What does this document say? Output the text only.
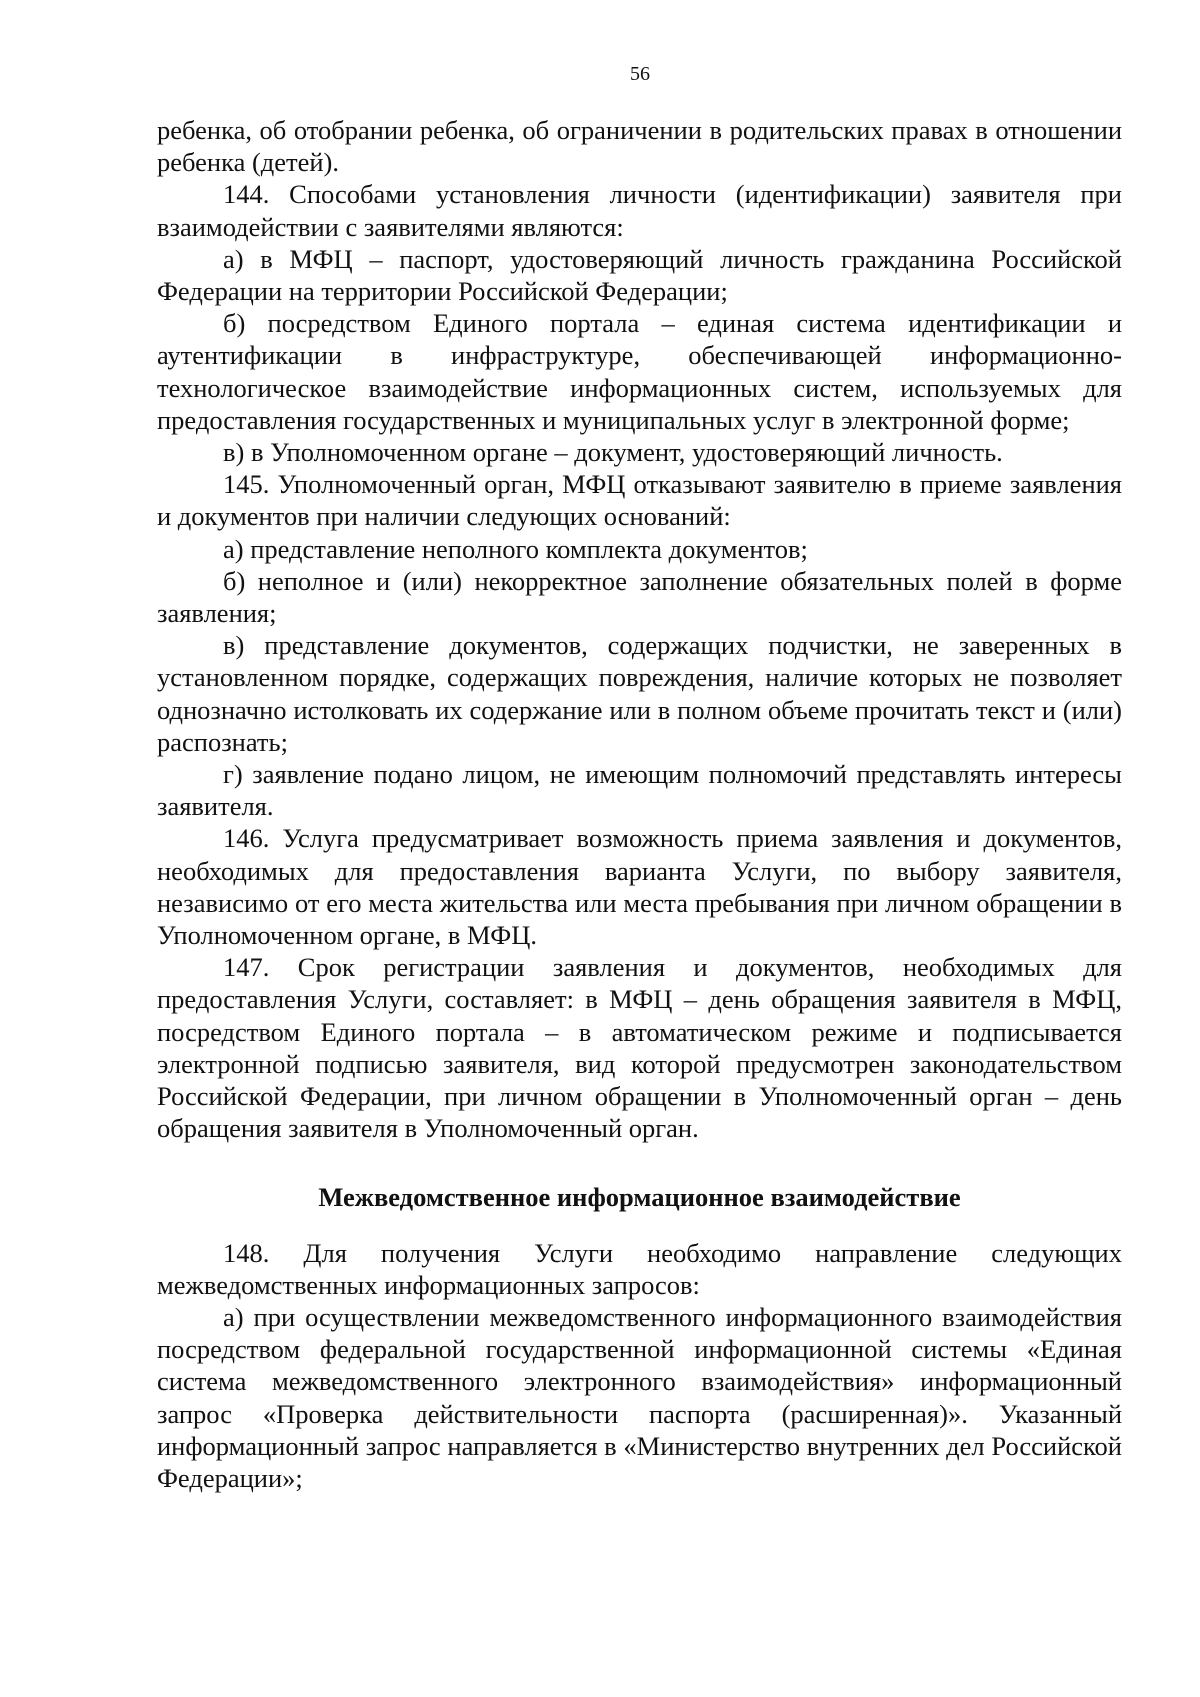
56

ребенка, об отобрании ребенка, об ограничении в родительских правах в отношении ребенка (детей).

144. Способами установления личности (идентификации) заявителя при взаимодействии с заявителями являются:

а) в МФЦ – паспорт, удостоверяющий личность гражданина Российской Федерации на территории Российской Федерации;

б) посредством Единого портала – единая система идентификации и аутентификации в инфраструктуре, обеспечивающей информационно-технологическое взаимодействие информационных систем, используемых для предоставления государственных и муниципальных услуг в электронной форме;

в) в Уполномоченном органе – документ, удостоверяющий личность.

145. Уполномоченный орган, МФЦ отказывают заявителю в приеме заявления и документов при наличии следующих оснований:

а) представление неполного комплекта документов;

б) неполное и (или) некорректное заполнение обязательных полей в форме заявления;

в) представление документов, содержащих подчистки, не заверенных в установленном порядке, содержащих повреждения, наличие которых не позволяет однозначно истолковать их содержание или в полном объеме прочитать текст и (или) распознать;

г) заявление подано лицом, не имеющим полномочий представлять интересы заявителя.

146. Услуга предусматривает возможность приема заявления и документов, необходимых для предоставления варианта Услуги, по выбору заявителя, независимо от его места жительства или места пребывания при личном обращении в Уполномоченном органе, в МФЦ.

147. Срок регистрации заявления и документов, необходимых для предоставления Услуги, составляет: в МФЦ – день обращения заявителя в МФЦ, посредством Единого портала – в автоматическом режиме и подписывается электронной подписью заявителя, вид которой предусмотрен законодательством Российской Федерации, при личном обращении в Уполномоченный орган – день обращения заявителя в Уполномоченный орган.

Межведомственное информационное взаимодействие

148. Для получения Услуги необходимо направление следующих межведомственных информационных запросов:

а) при осуществлении межведомственного информационного взаимодействия посредством федеральной государственной информационной системы «Единая система межведомственного электронного взаимодействия» информационный запрос «Проверка действительности паспорта (расширенная)». Указанный информационный запрос направляется в «Министерство внутренних дел Российской Федерации»;
